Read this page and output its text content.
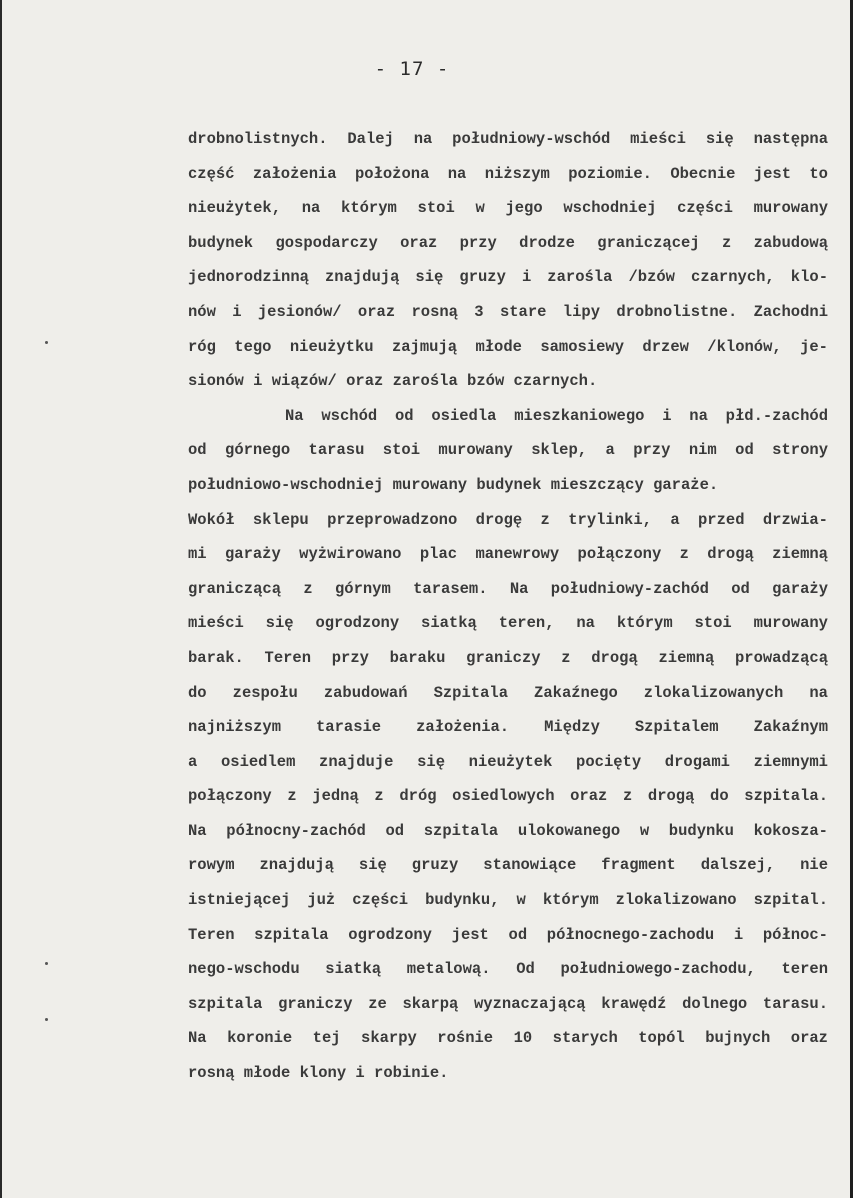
- 17 -
drobnolistnych. Dalej na południowy-wschód mieści się następna
część założenia położona na niższym poziomie. Obecnie jest to
nieużytek, na którym stoi w jego wschodniej części murowany
budynek gospodarczy oraz przy drodze graniczącej z zabudową
jednorodzinną znajdują się gruzy i zarośla /bzów czarnych, klo-
nów i jesionów/ oraz rosną 3 stare lipy drobnolistne. Zachodni
róg tego nieużytku zajmują młode samosiewy drzew /klonów, je-
sionów i wiązów/ oraz zarośla bzów czarnych.
Na wschód od osiedla mieszkaniowego i na płd.-zachód
od górnego tarasu stoi murowany sklep, a przy nim od strony
południowo-wschodniej murowany budynek mieszczący garaże.
Wokół sklepu przeprowadzono drogę z trylinki, a przed drzwia-
mi garaży wyżwirowano plac manewrowy połączony z drogą ziemną
graniczącą z górnym tarasem. Na południowy-zachód od garaży
mieści się ogrodzony siatką teren, na którym stoi murowany
barak. Teren przy baraku graniczy z drogą ziemną prowadzącą
do zespołu zabudowań Szpitala Zakaźnego zlokalizowanych na
najniższym tarasie założenia. Między Szpitalem Zakaźnym
a osiedlem znajduje się nieużytek pocięty drogami ziemnymi
połączony z jedną z dróg osiedlowych oraz z drogą do szpitala.
Na północny-zachód od szpitala ulokowanego w budynku kokosza-
rowym znajdują się gruzy stanowiące fragment dalszej, nie
istniejącej już części budynku, w którym zlokalizowano szpital.
Teren szpitala ogrodzony jest od północnego-zachodu i północ-
nego-wschodu siatką metalową. Od południowego-zachodu, teren
szpitala graniczy ze skarpą wyznaczającą krawędź dolnego tarasu.
Na koronie tej skarpy rośnie 10 starych topól bujnych oraz
rosną młode klony i robinie.
